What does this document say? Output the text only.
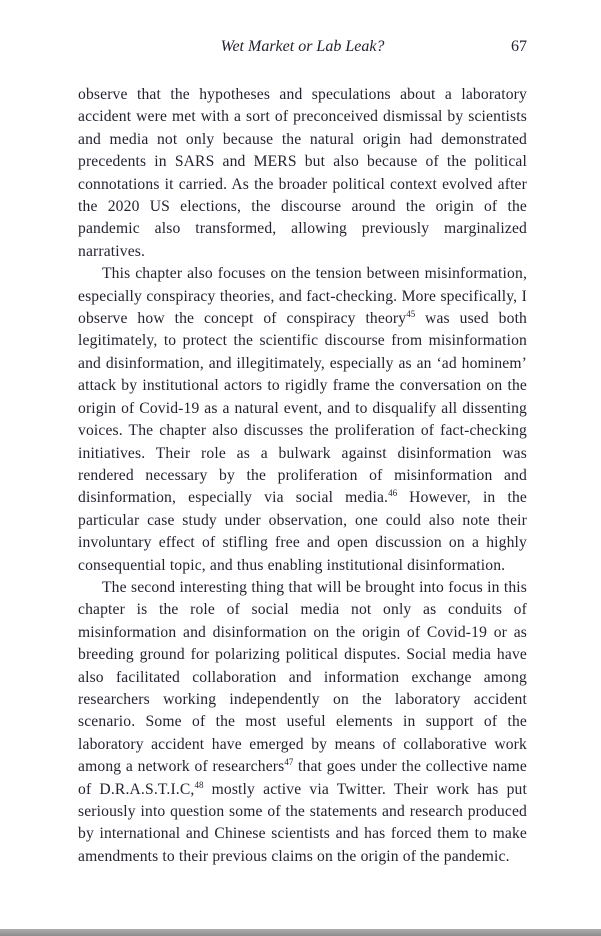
Wet Market or Lab Leak?	67

observe that the hypotheses and speculations about a laboratory accident were met with a sort of preconceived dismissal by scientists and media not only because the natural origin had demonstrated precedents in SARS and MERS but also because of the political connotations it carried. As the broader political context evolved after the 2020 US elections, the discourse around the origin of the pandemic also transformed, allowing previously marginalized narratives.

This chapter also focuses on the tension between misinformation, especially conspiracy theories, and fact-checking. More specifically, I observe how the concept of conspiracy theory$^{45}$ was used both legitimately, to protect the scientific discourse from misinformation and disinformation, and illegitimately, especially as an ‘ad hominem’ attack by institutional actors to rigidly frame the conversation on the origin of Covid-19 as a natural event, and to disqualify all dissenting voices. The chapter also discusses the proliferation of fact-checking initiatives. Their role as a bulwark against disinformation was rendered necessary by the proliferation of misinformation and disinformation, especially via social media.$^{46}$ However, in the particular case study under observation, one could also note their involuntary effect of stifling free and open discussion on a highly consequential topic, and thus enabling institutional disinformation.

The second interesting thing that will be brought into focus in this chapter is the role of social media not only as conduits of misinformation and disinformation on the origin of Covid-19 or as breeding ground for polarizing political disputes. Social media have also facilitated collaboration and information exchange among researchers working independently on the laboratory accident scenario. Some of the most useful elements in support of the laboratory accident have emerged by means of collaborative work among a network of researchers$^{47}$ that goes under the collective name of D.R.A.S.T.I.C,$^{48}$ mostly active via Twitter. Their work has put seriously into question some of the statements and research produced by international and Chinese scientists and has forced them to make amendments to their previous claims on the origin of the pandemic.
